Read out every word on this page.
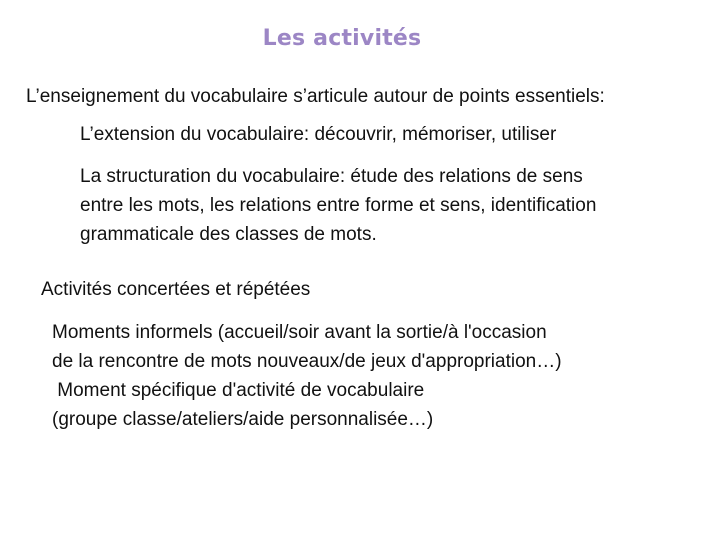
Les activités
L’enseignement du vocabulaire s’articule autour de points essentiels:
L’extension du vocabulaire: découvrir, mémoriser, utiliser
La structuration du vocabulaire: étude des relations de sens
entre les mots, les relations entre forme et sens, identification
grammaticale des classes de mots.
Activités concertées et répétées
Moments informels (accueil/soir avant la sortie/à l'occasion
de la rencontre de mots nouveaux/de jeux d'appropriation…)
Moment spécifique d'activité de vocabulaire
(groupe classe/ateliers/aide personnalisée…)
